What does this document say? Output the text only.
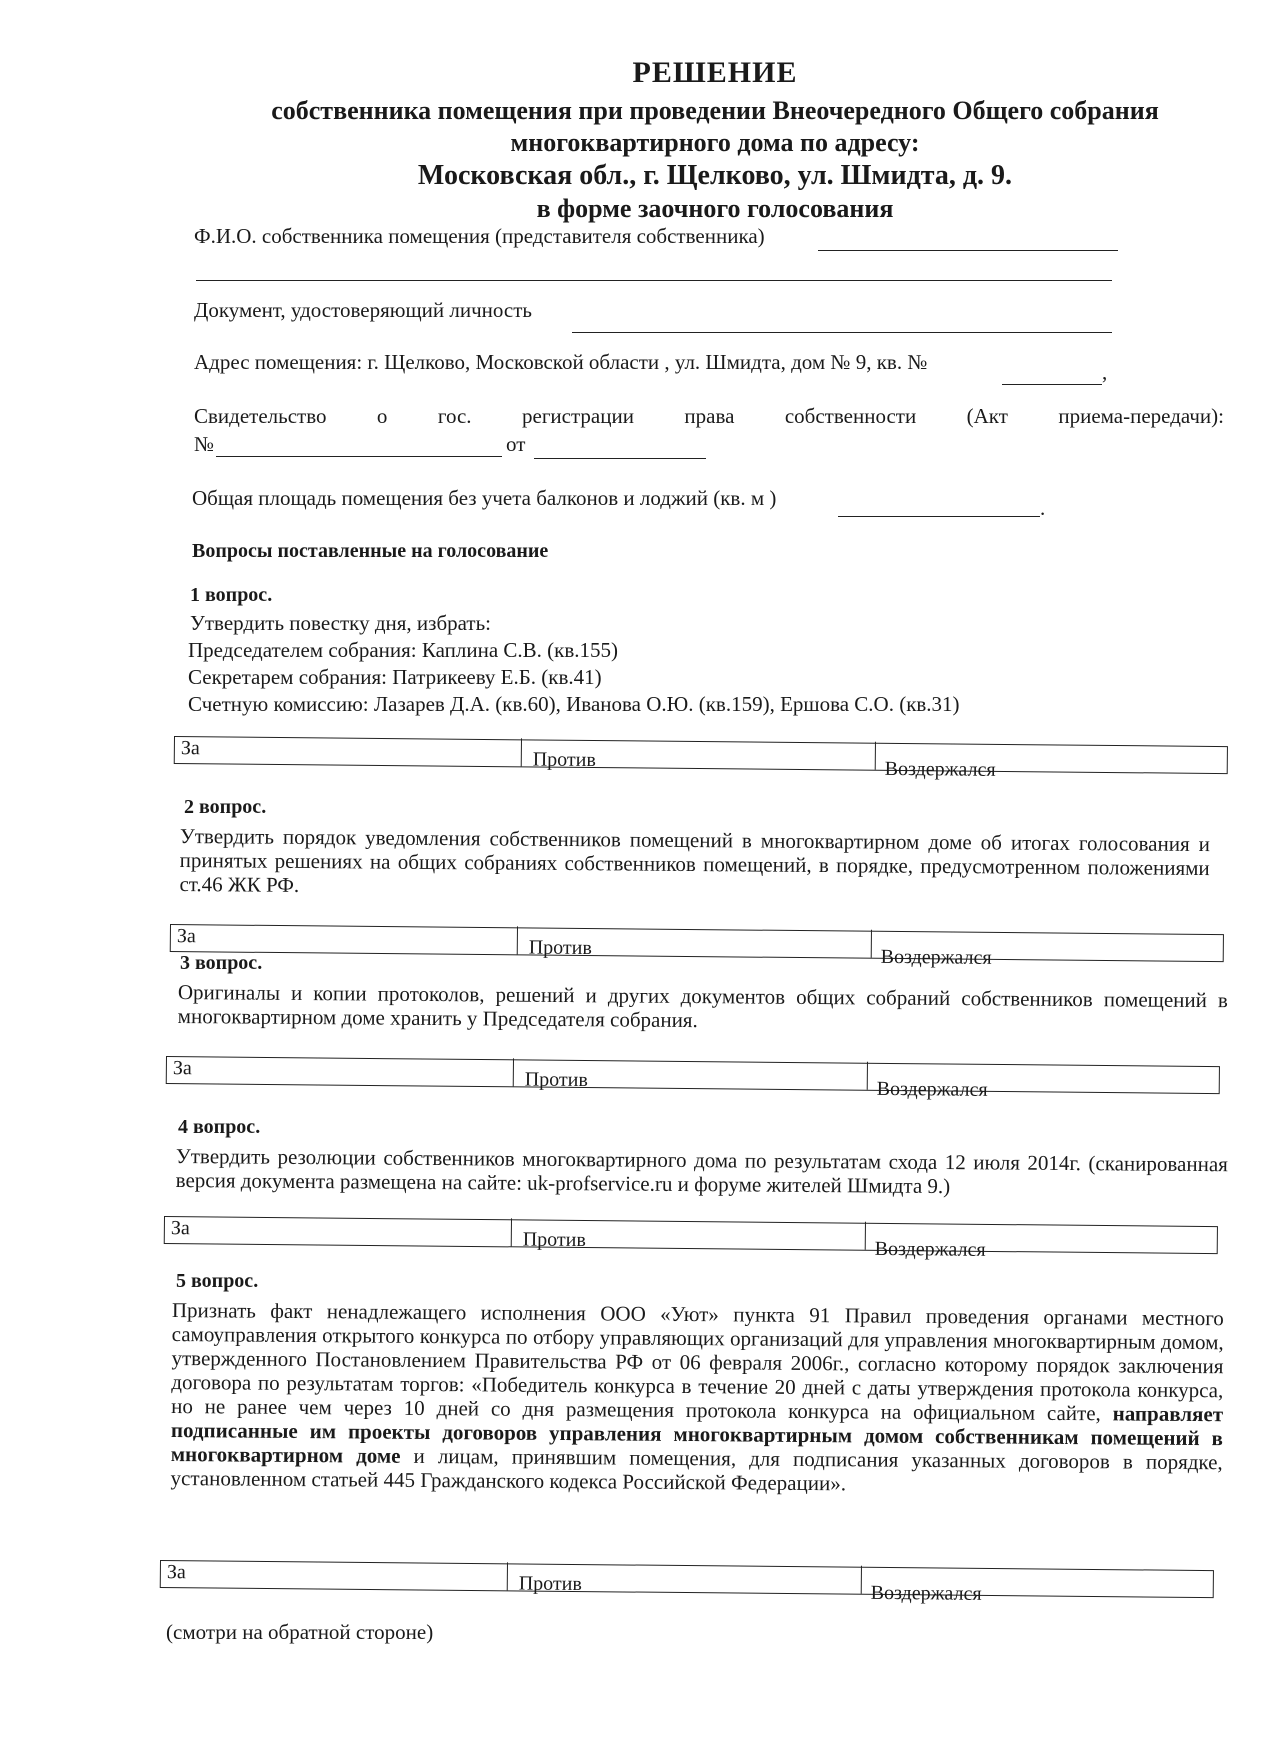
РЕШЕНИЕ
собственника помещения при проведении Внеочередного Общего собрания
многоквартирного дома по адресу:
Московская обл., г. Щелково, ул. Шмидта, д. 9.
в форме заочного голосования
Ф.И.О. собственника помещения (представителя собственника)
Документ, удостоверяющий личность
Адрес помещения: г. Щелково, Московской области , ул. Шмидта, дом № 9, кв. №	,
Свидетельство о гос. регистрации права собственности (Акт приема-передачи):
№	от
Общая площадь помещения без учета балконов и лоджий (кв. м )	.
Вопросы поставленные на голосование
1 вопрос.
Утвердить повестку дня, избрать:
Председателем собрания: Каплина С.В. (кв.155)
Секретарем собрания: Патрикееву Е.Б. (кв.41)
Счетную комиссию: Лазарев Д.А. (кв.60), Иванова О.Ю. (кв.159), Ершова С.О. (кв.31)
За
Против	Воздержался
2 вопрос.
Утвердить порядок уведомления собственников помещений в многоквартирном доме об итогах голосования и принятых решениях на общих собраниях собственников помещений, в порядке, предусмотренном положениями ст.46 ЖК РФ.
За
Против	Воздержался
3 вопрос.
Оригиналы и копии протоколов, решений и других документов общих собраний собственников помещений в многоквартирном доме хранить у Председателя собрания.
За
Против	Воздержался
4 вопрос.
Утвердить резолюции собственников многоквартирного дома по результатам схода 12 июля 2014г. (сканированная версия документа размещена на сайте: uk-profservice.ru и форуме жителей Шмидта 9.)
За
Против	Воздержался
5 вопрос.
Признать факт ненадлежащего исполнения ООО «Уют» пункта 91 Правил проведения органами местного самоуправления открытого конкурса по отбору управляющих организаций для управления многоквартирным домом, утвержденного Постановлением Правительства РФ от 06 февраля 2006г., согласно которому порядок заключения договора по результатам торгов: «Победитель конкурса в течение 20 дней с даты утверждения протокола конкурса, но не ранее чем через 10 дней со дня размещения протокола конкурса на официальном сайте, направляет подписанные им проекты договоров управления многоквартирным домом собственникам помещений в многоквартирном доме и лицам, принявшим помещения, для подписания указанных договоров в порядке, установленном статьей 445 Гражданского кодекса Российской Федерации».
За
Против	Воздержался
(смотри на обратной стороне)
